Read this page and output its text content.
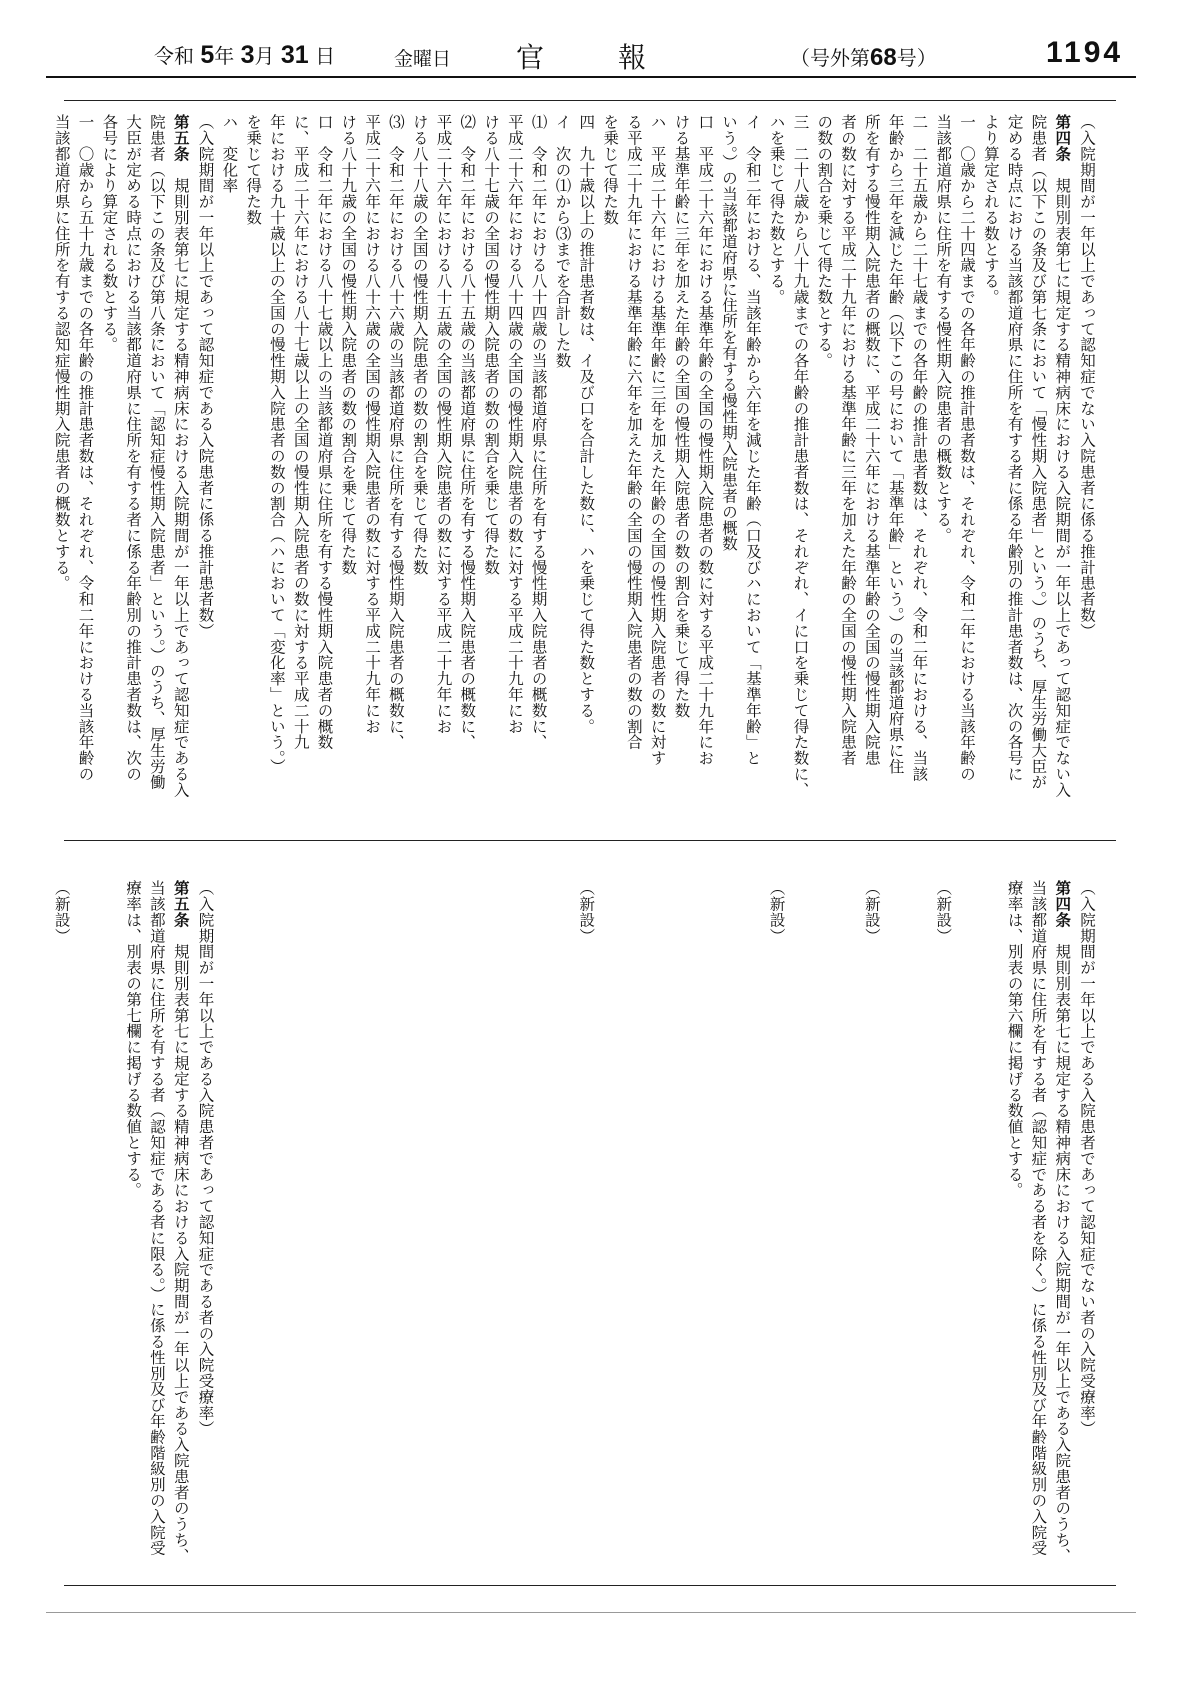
令和 5年 3月 31 日	金曜日 官報	（号外第68号）	1194
（入院期間が一年以上であって認知症でない入院患者に係る推計患者数）
第四条　規則別表第七に規定する精神病床における入院期間が一年以上であって認知症でない入
院患者（以下この条及び第七条において「慢性期入院患者」という。）のうち、厚生労働大臣が
定める時点における当該都道府県に住所を有する者に係る年齢別の推計患者数は、次の各号に
より算定される数とする。
一　〇歳から二十四歳までの各年齢の推計患者数は、それぞれ、令和二年における当該年齢の
当該都道府県に住所を有する慢性期入院患者の概数とする。
二　二十五歳から二十七歳までの各年齢の推計患者数は、それぞれ、令和二年における、当該
年齢から三年を減じた年齢（以下この号において「基準年齢」という。）の当該都道府県に住
所を有する慢性期入院患者の概数に、平成二十六年における基準年齢の全国の慢性期入院患
者の数に対する平成二十九年における基準年齢に三年を加えた年齢の全国の慢性期入院患者
の数の割合を乗じて得た数とする。
三　二十八歳から八十九歳までの各年齢の推計患者数は、それぞれ、イに口を乗じて得た数に、
ハを乗じて得た数とする。
イ　令和二年における、当該年齢から六年を減じた年齢（口及びハにおいて「基準年齢」と
いう。）の当該都道府県に住所を有する慢性期入院患者の概数
口　平成二十六年における基準年齢の全国の慢性期入院患者の数に対する平成二十九年にお
ける基準年齢に三年を加えた年齢の全国の慢性期入院患者の数の割合を乗じて得た数
ハ　平成二十六年における基準年齢に三年を加えた年齢の全国の慢性期入院患者の数に対す
る平成二十九年における基準年齢に六年を加えた年齢の全国の慢性期入院患者の数の割合
を乗じて得た数
四　九十歳以上の推計患者数は、イ及び口を合計した数に、ハを乗じて得た数とする。
イ　次の⑴から⑶までを合計した数
⑴　令和二年における八十四歳の当該都道府県に住所を有する慢性期入院患者の概数に、
平成二十六年における八十四歳の全国の慢性期入院患者の数に対する平成二十九年にお
ける八十七歳の全国の慢性期入院患者の数の割合を乗じて得た数
⑵　令和二年における八十五歳の当該都道府県に住所を有する慢性期入院患者の概数に、
平成二十六年における八十五歳の全国の慢性期入院患者の数に対する平成二十九年にお
ける八十八歳の全国の慢性期入院患者の数の割合を乗じて得た数
⑶　令和二年における八十六歳の当該都道府県に住所を有する慢性期入院患者の概数に、
平成二十六年における八十六歳の全国の慢性期入院患者の数に対する平成二十九年にお
ける八十九歳の全国の慢性期入院患者の数の割合を乗じて得た数
口　令和二年における八十七歳以上の当該都道府県に住所を有する慢性期入院患者の概数
に、平成二十六年における八十七歳以上の全国の慢性期入院患者の数に対する平成二十九
年における九十歳以上の全国の慢性期入院患者の数の割合（ハにおいて「変化率」という。）
を乗じて得た数
ハ　変化率
（入院期間が一年以上であって認知症である入院患者に係る推計患者数）
第五条　規則別表第七に規定する精神病床における入院期間が一年以上であって認知症である入
院患者（以下この条及び第八条において「認知症慢性期入院患者」という。）のうち、厚生労働
大臣が定める時点における当該都道府県に住所を有する者に係る年齢別の推計患者数は、次の
各号により算定される数とする。
一　〇歳から五十九歳までの各年齢の推計患者数は、それぞれ、令和二年における当該年齢の
当該都道府県に住所を有する認知症慢性期入院患者の概数とする。
（入院期間が一年以上である入院患者であって認知症でない者の入院受療率）
第四条　規則別表第七に規定する精神病床における入院期間が一年以上である入院患者のうち、
当該都道府県に住所を有する者（認知症である者を除く。）に係る性別及び年齢階級別の入院受
療率は、別表の第六欄に掲げる数値とする。

（新設）

（新設）

（新設）

（新設）

（入院期間が一年以上である入院患者であって認知症である者の入院受療率）
第五条　規則別表第七に規定する精神病床における入院期間が一年以上である入院患者のうち、
当該都道府県に住所を有する者（認知症である者に限る。）に係る性別及び年齢階級別の入院受
療率は、別表の第七欄に掲げる数値とする。

（新設）
